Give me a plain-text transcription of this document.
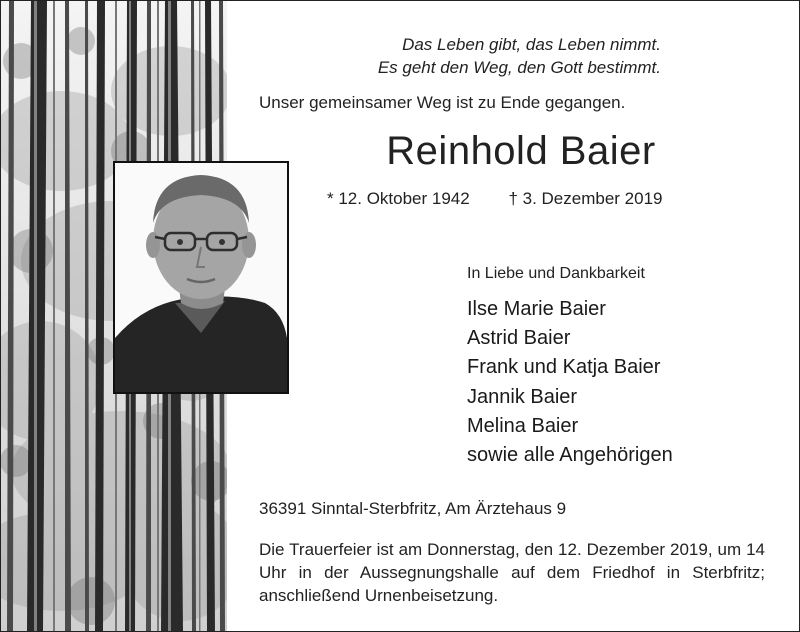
Das Leben gibt, das Leben nimmt.
Es geht den Weg, den Gott bestimmt.
Unser gemeinsamer Weg ist zu Ende gegangen.
Reinhold Baier
* 12. Oktober 1942 † 3. Dezember 2019
In Liebe und Dankbarkeit
Ilse Marie Baier
Astrid Baier
Frank und Katja Baier
Jannik Baier
Melina Baier
sowie alle Angehörigen
36391 Sinntal-Sterbfritz, Am Ärztehaus 9
Die Trauerfeier ist am Donnerstag, den 12. Dezember 2019, um 14 Uhr in der Aussegnungshalle auf dem Friedhof in Sterbfritz; anschließend Urnenbeisetzung.
